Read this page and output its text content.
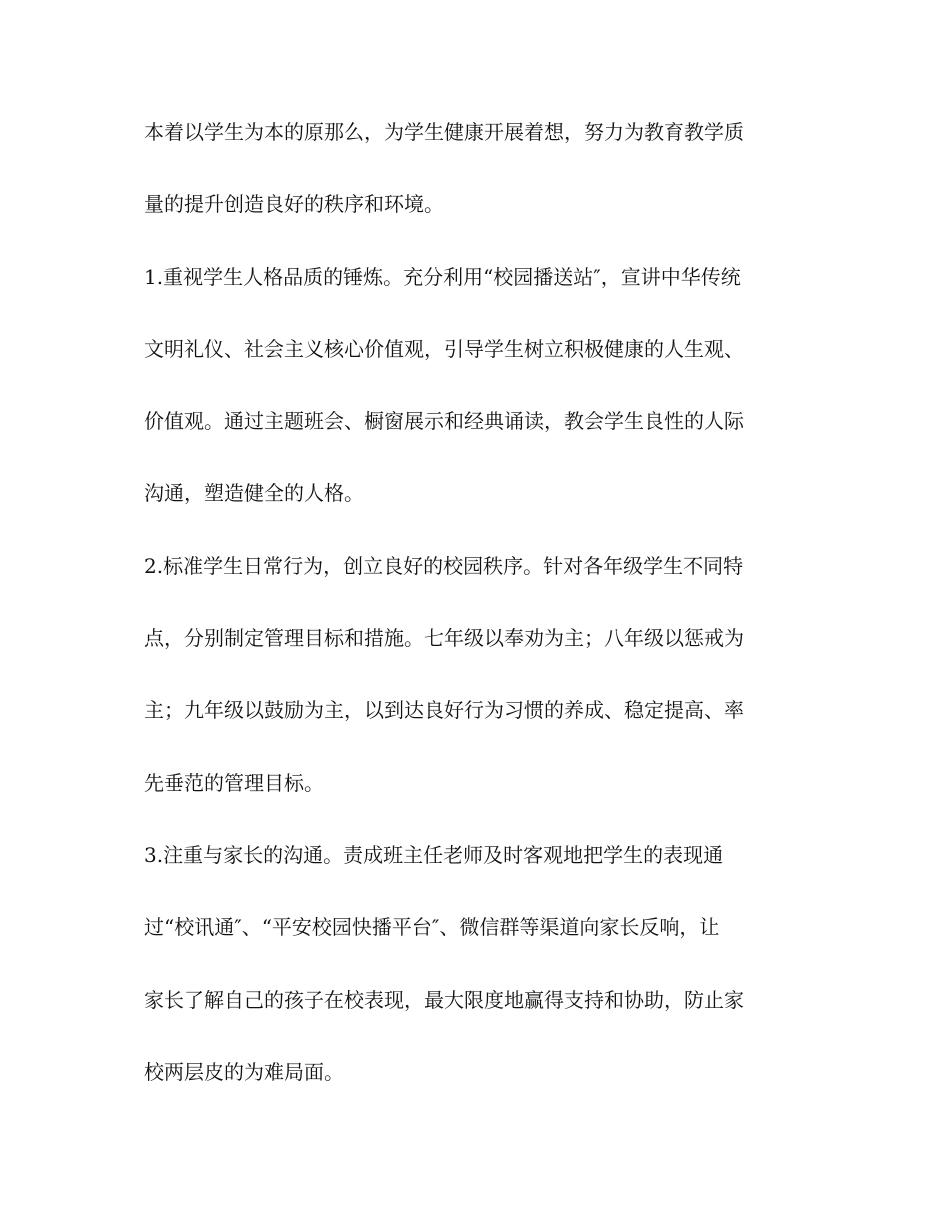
本着以学生为本的原那么，为学生健康开展着想，努力为教育教学质
量的提升创造良好的秩序和环境。
1.重视学生人格品质的锤炼。充分利用“校园播送站″，宣讲中华传统
文明礼仪、社会主义核心价值观，引导学生树立积极健康的人生观、
价值观。通过主题班会、橱窗展示和经典诵读，教会学生良性的人际
沟通，塑造健全的人格。
2.标准学生日常行为，创立良好的校园秩序。针对各年级学生不同特
点，分别制定管理目标和措施。七年级以奉劝为主；八年级以惩戒为
主；九年级以鼓励为主，以到达良好行为习惯的养成、稳定提高、率
先垂范的管理目标。
3.注重与家长的沟通。责成班主任老师及时客观地把学生的表现通
过“校讯通″、“平安校园快播平台″、微信群等渠道向家长反响，让
家长了解自己的孩子在校表现，最大限度地赢得支持和协助，防止家
校两层皮的为难局面。
